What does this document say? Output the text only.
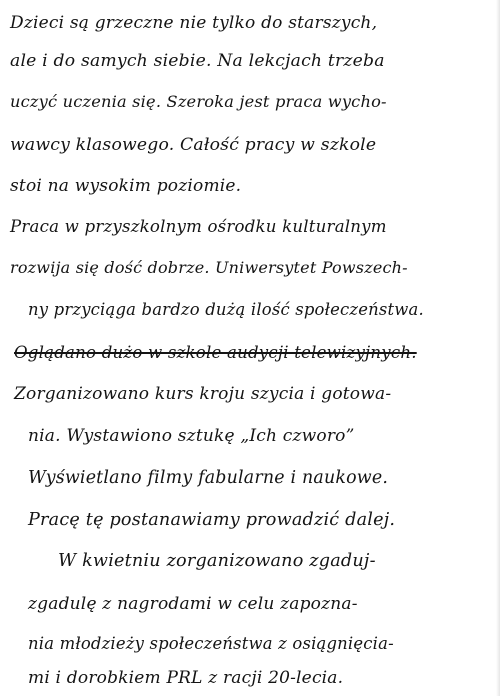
Dzieci są grzeczne nie tylko do starszych,
ale i do samych siebie. Na lekcjach trzeba
uczyć uczenia się. Szeroka jest praca wycho-
wawcy klasowego. Całość pracy w szkole
stoi na wysokim poziomie.
Praca w przyszkolnym ośrodku kulturalnym
rozwija się dość dobrze. Uniwersytet Powszech-
ny przyciąga bardzo dużą ilość społeczeństwa.
Oglądano dużo w szkole audycji telewizyjnych.
Zorganizowano kurs kroju szycia i gotowa-
nia. Wystawiono sztukę „Ich czworo”
Wyświetlano filmy fabularne i naukowe.
Pracę tę postanawiamy prowadzić dalej.
W kwietniu zorganizowano zgaduj-
zgadulę z nagrodami w celu zapozna-
nia młodzieży społeczeństwa z osiągnięcia-
mi i dorobkiem PRL z racji 20-lecia.
